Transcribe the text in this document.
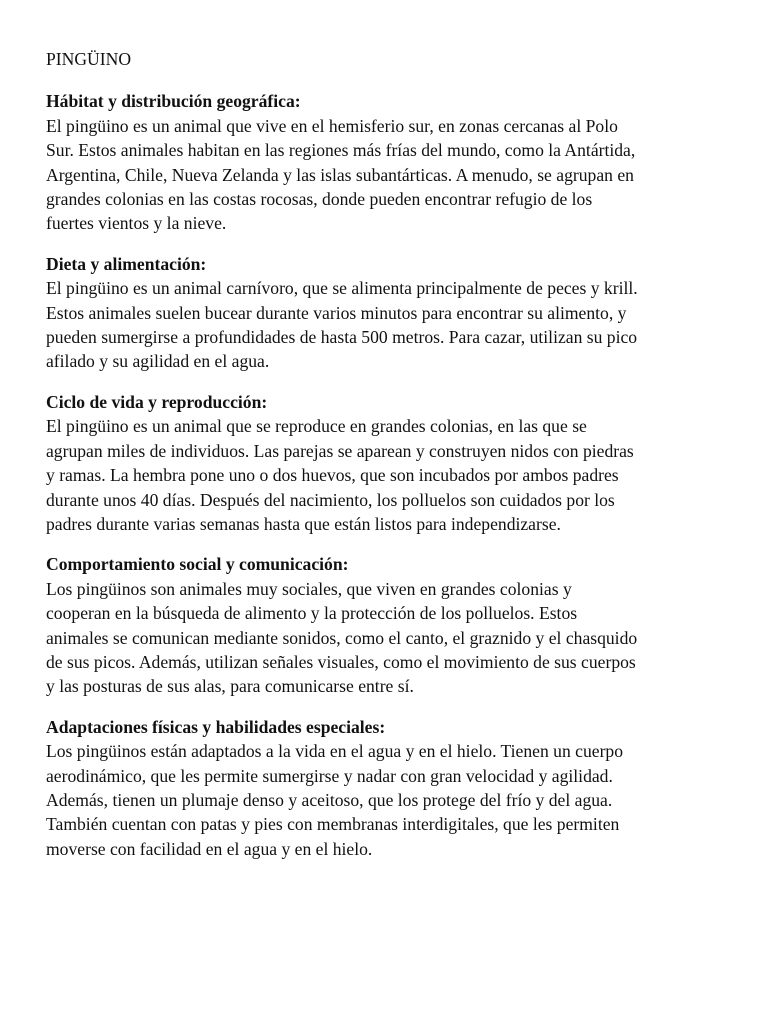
PINGÜINO

Hábitat y distribución geográfica:

El pingüino es un animal que vive en el hemisferio sur, en zonas cercanas al Polo
Sur. Estos animales habitan en las regiones más frías del mundo, como la Antártida,
Argentina, Chile, Nueva Zelanda y las islas subantárticas. A menudo, se agrupan en
grandes colonias en las costas rocosas, donde pueden encontrar refugio de los
fuertes vientos y la nieve.

Dieta y alimentación:

El pingüino es un animal carnívoro, que se alimenta principalmente de peces y krill.
Estos animales suelen bucear durante varios minutos para encontrar su alimento, y
pueden sumergirse a profundidades de hasta 500 metros. Para cazar, utilizan su pico
afilado y su agilidad en el agua.

Ciclo de vida y reproducción:

El pingüino es un animal que se reproduce en grandes colonias, en las que se
agrupan miles de individuos. Las parejas se aparean y construyen nidos con piedras
y ramas. La hembra pone uno o dos huevos, que son incubados por ambos padres
durante unos 40 días. Después del nacimiento, los polluelos son cuidados por los
padres durante varias semanas hasta que están listos para independizarse.

Comportamiento social y comunicación:

Los pingüinos son animales muy sociales, que viven en grandes colonias y
cooperan en la búsqueda de alimento y la protección de los polluelos. Estos
animales se comunican mediante sonidos, como el canto, el graznido y el chasquido
de sus picos. Además, utilizan señales visuales, como el movimiento de sus cuerpos
y las posturas de sus alas, para comunicarse entre sí.

Adaptaciones físicas y habilidades especiales:

Los pingüinos están adaptados a la vida en el agua y en el hielo. Tienen un cuerpo
aerodinámico, que les permite sumergirse y nadar con gran velocidad y agilidad.
Además, tienen un plumaje denso y aceitoso, que los protege del frío y del agua.
También cuentan con patas y pies con membranas interdigitales, que les permiten
moverse con facilidad en el agua y en el hielo.
